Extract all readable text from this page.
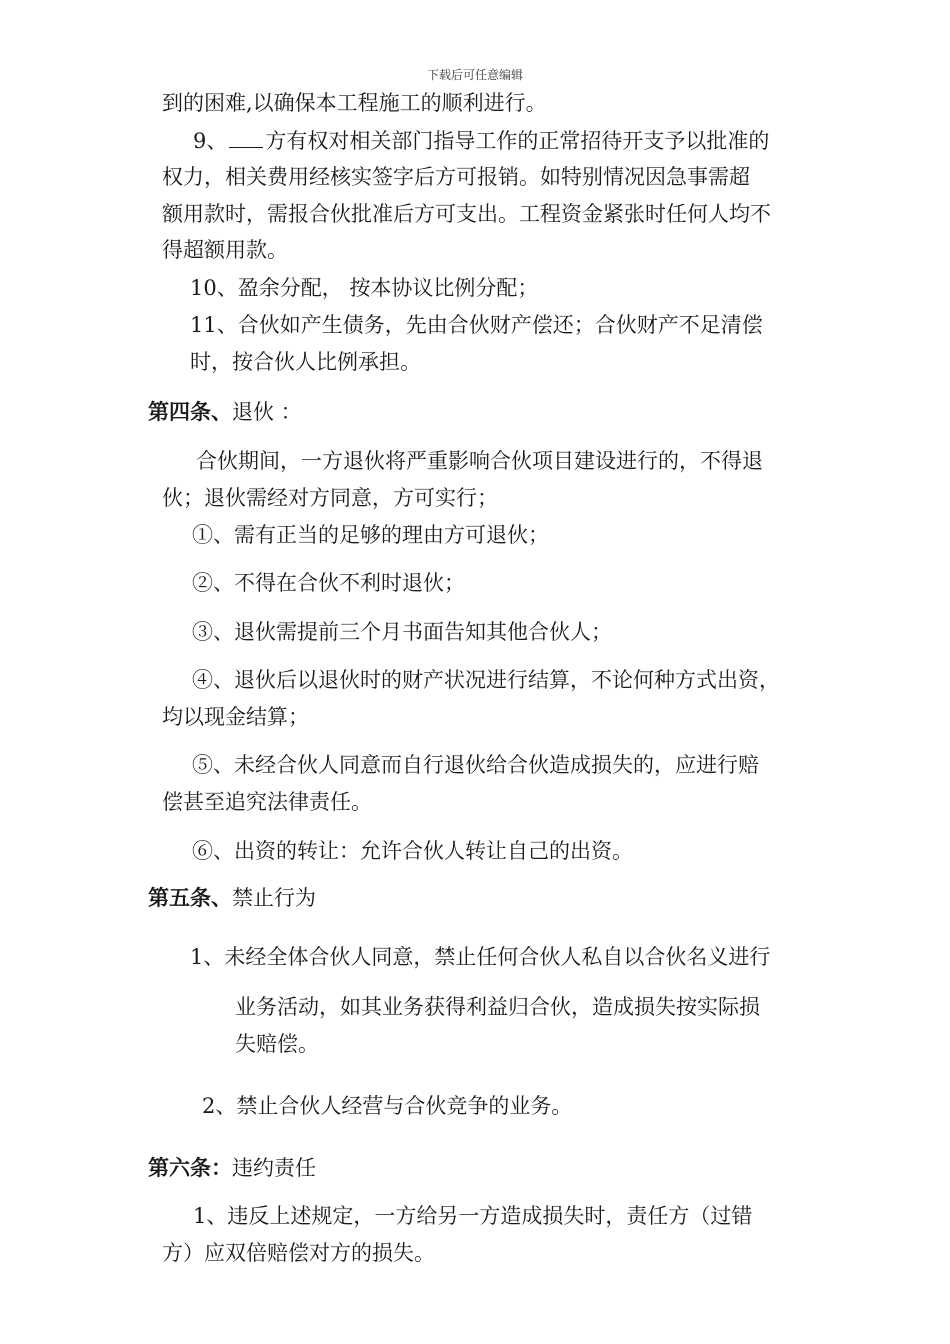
下载后可任意编辑
到的困难,以确保本工程施工的顺利进行。
9、 方有权对相关部门指导工作的正常招待开支予以批准的
权力，相关费用经核实签字后方可报销。如特别情况因急事需超
额用款时，需报合伙批准后方可支出。工程资金紧张时任何人均不
得超额用款。
10、盈余分配， 按本协议比例分配；
11、合伙如产生债务，先由合伙财产偿还；合伙财产不足清偿
时，按合伙人比例承担。
第四条、退伙 ：
合伙期间，一方退伙将严重影响合伙项目建设进行的，不得退
伙；退伙需经对方同意，方可实行；
①、需有正当的足够的理由方可退伙；
②、不得在合伙不利时退伙；
③、退伙需提前三个月书面告知其他合伙人；
④、退伙后以退伙时的财产状况进行结算，不论何种方式出资，
均以现金结算；
⑤、未经合伙人同意而自行退伙给合伙造成损失的，应进行赔
偿甚至追究法律责任。
⑥、出资的转让：允许合伙人转让自己的出资。
第五条、禁止行为
1、未经全体合伙人同意，禁止任何合伙人私自以合伙名义进行
业务活动，如其业务获得利益归合伙，造成损失按实际损
失赔偿。
2、禁止合伙人经营与合伙竞争的业务。
第六条：违约责任
1、违反上述规定，一方给另一方造成损失时，责任方（过错
方）应双倍赔偿对方的损失。
